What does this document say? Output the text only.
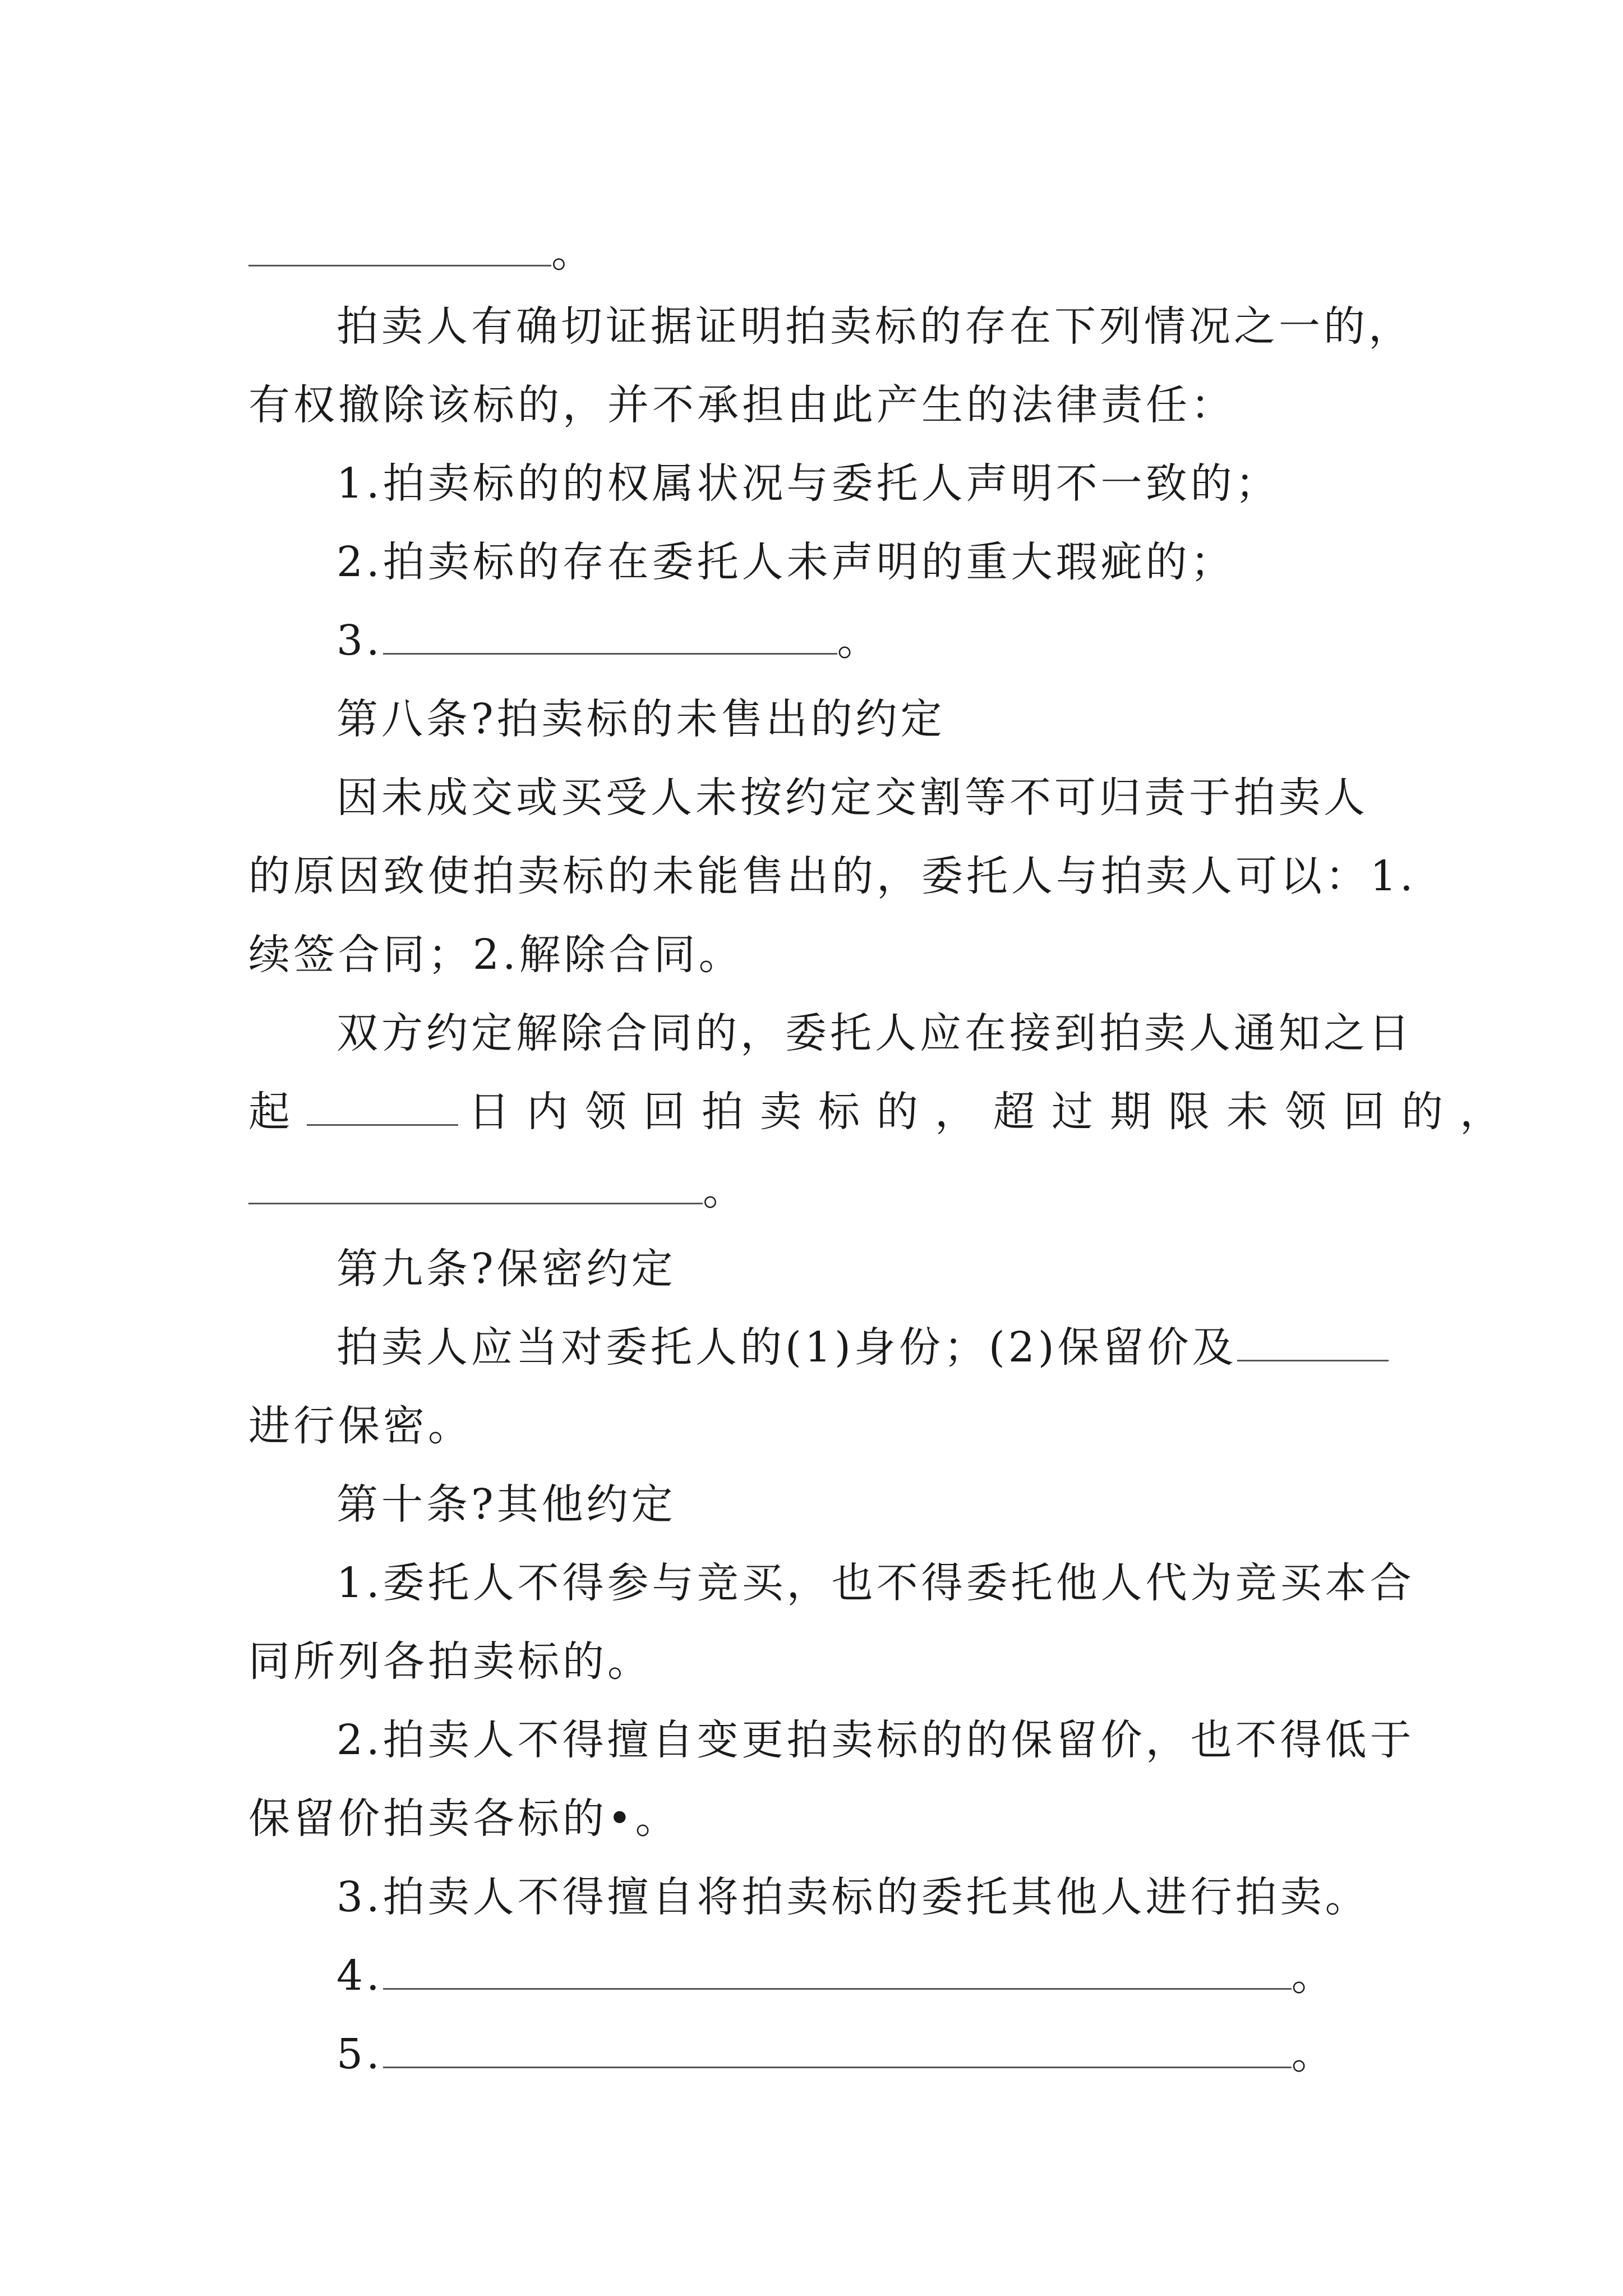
。
拍卖人有确切证据证明拍卖标的存在下列情况之一的，
有权撤除该标的，并不承担由此产生的法律责任：
1.拍卖标的的权属状况与委托人声明不一致的；
2.拍卖标的存在委托人未声明的重大瑕疵的；
3.	。
第八条?拍卖标的未售出的约定
因未成交或买受人未按约定交割等不可归责于拍卖人
的原因致使拍卖标的未能售出的，委托人与拍卖人可以：1.
续签合同；2.解除合同。
双方约定解除合同的，委托人应在接到拍卖人通知之日
起	日内领回拍卖标的，超过期限未领回的，
。
第九条?保密约定
拍卖人应当对委托人的(1)身份；(2)保留价及
进行保密。
第十条?其他约定
1.委托人不得参与竞买，也不得委托他人代为竞买本合
同所列各拍卖标的。
2.拍卖人不得擅自变更拍卖标的的保留价，也不得低于
保留价拍卖各标的•。
3.拍卖人不得擅自将拍卖标的委托其他人进行拍卖。
4.	。
5.	。
